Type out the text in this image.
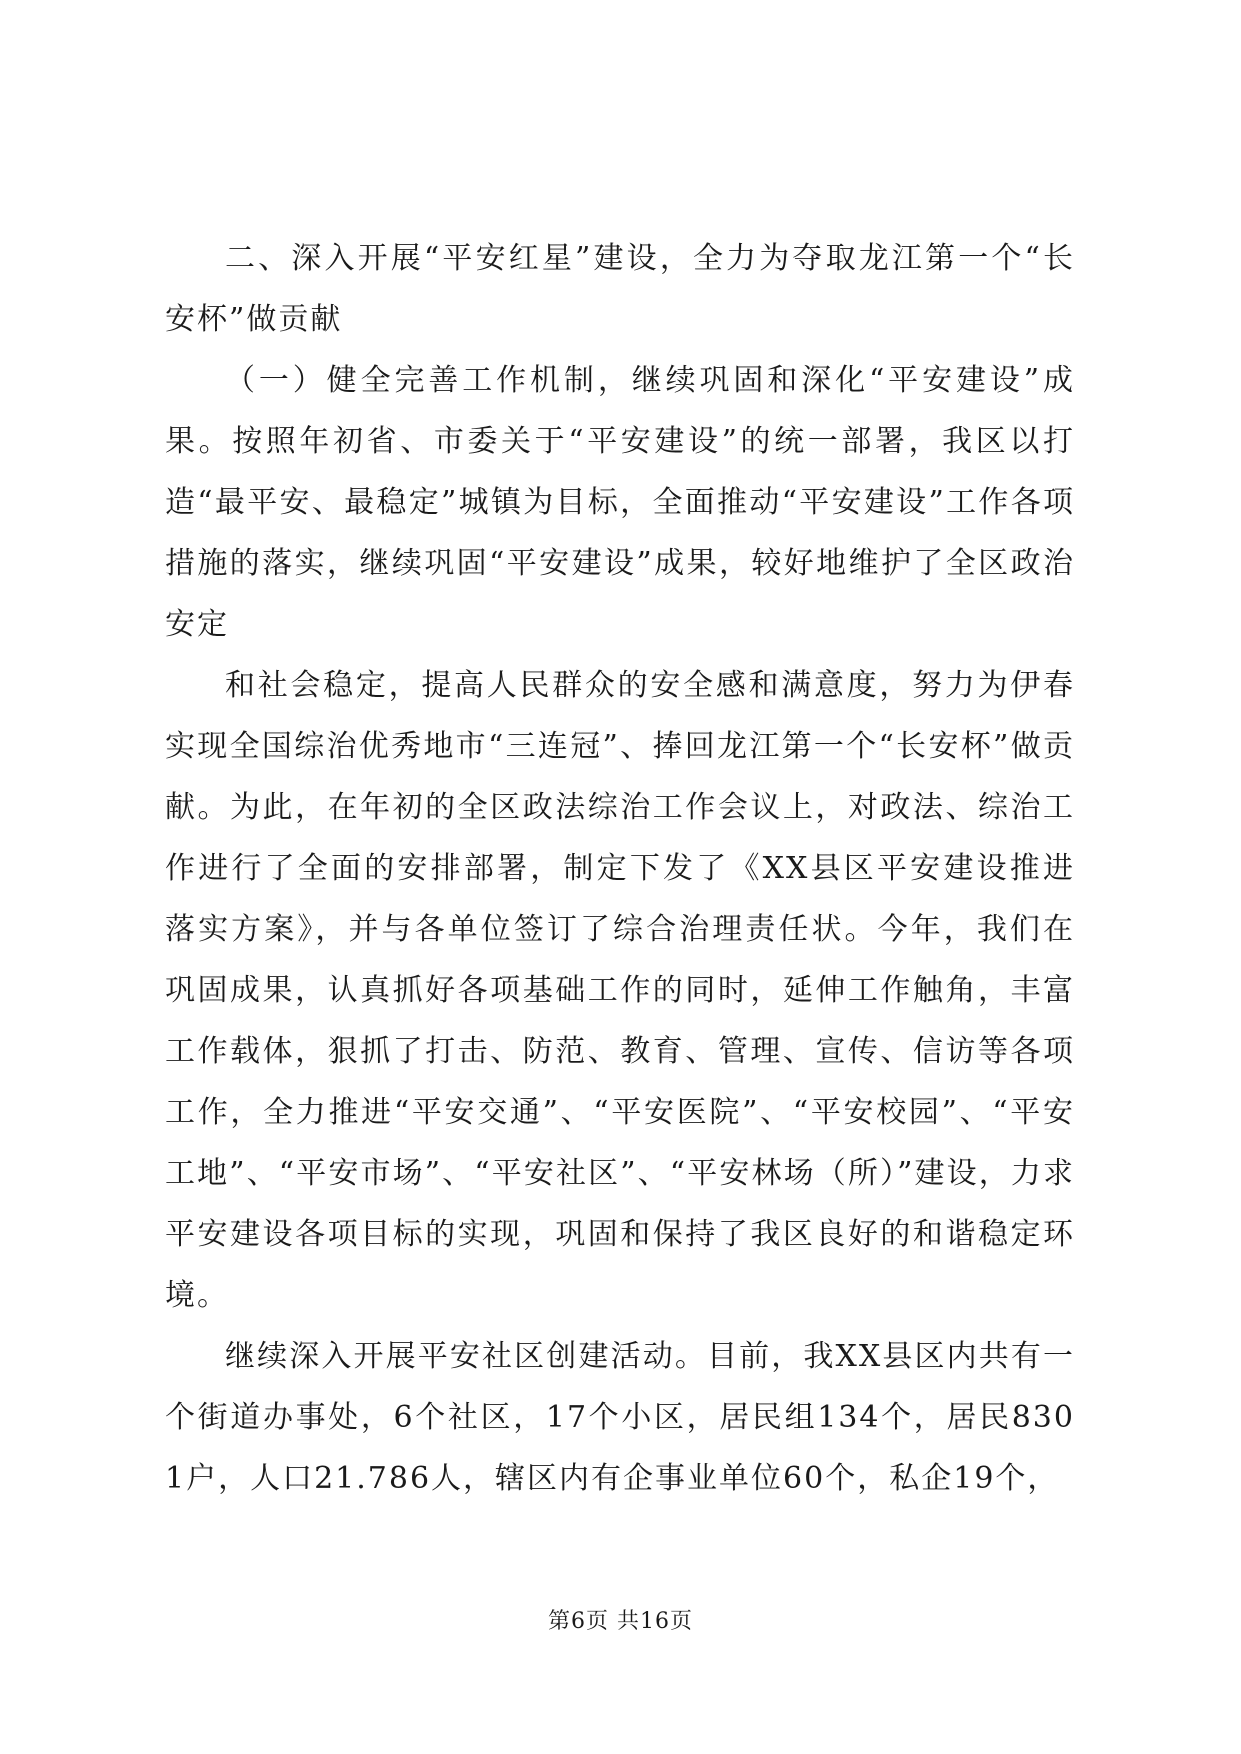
二、深入开展“平安红星”建设，全力为夺取龙江第一个“长安杯”做贡献

（一）健全完善工作机制，继续巩固和深化“平安建设”成果。按照年初省、市委关于“平安建设”的统一部署，我区以打造“最平安、最稳定”城镇为目标，全面推动“平安建设”工作各项措施的落实，继续巩固“平安建设”成果，较好地维护了全区政治安定

和社会稳定，提高人民群众的安全感和满意度，努力为伊春实现全国综治优秀地市“三连冠”、捧回龙江第一个“长安杯”做贡献。为此，在年初的全区政法综治工作会议上，对政法、综治工作进行了全面的安排部署，制定下发了《XX县区平安建设推进落实方案》，并与各单位签订了综合治理责任状。今年，我们在巩固成果，认真抓好各项基础工作的同时，延伸工作触角，丰富工作载体，狠抓了打击、防范、教育、管理、宣传、信访等各项工作，全力推进“平安交通”、“平安医院”、“平安校园”、“平安工地”、“平安市场”、“平安社区”、“平安林场（所）”建设，力求平安建设各项目标的实现，巩固和保持了我区良好的和谐稳定环境。

继续深入开展平安社区创建活动。目前，我XX县区内共有一个街道办事处，6个社区，17个小区，居民组134个，居民8301户，人口21.786人，辖区内有企事业单位60个，私企19个，

第6页 共16页
